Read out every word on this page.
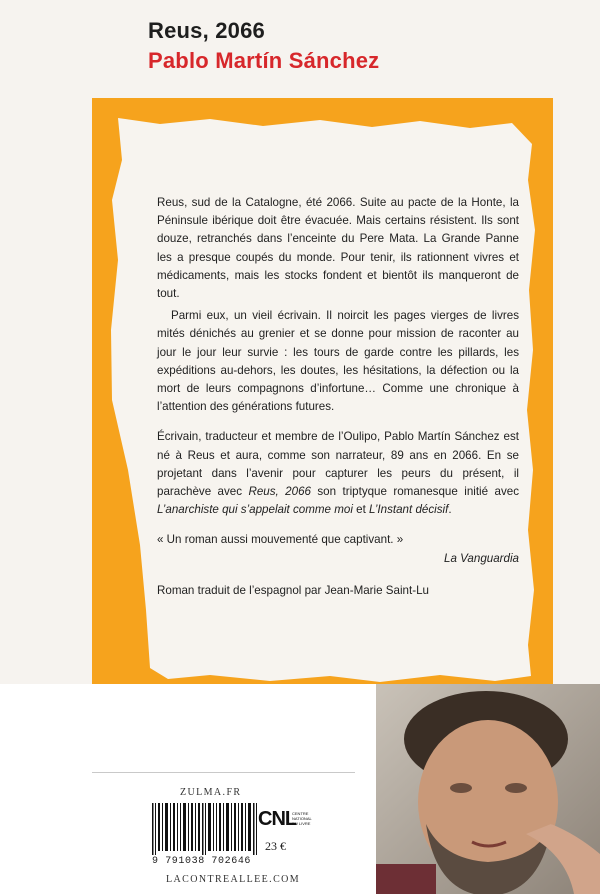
Reus, 2066
Pablo Martín Sánchez

Reus, sud de la Catalogne, été 2066. Suite au pacte de la Honte, la Péninsule ibérique doit être évacuée. Mais certains résistent. Ils sont douze, retranchés dans l’enceinte du Pere Mata. La Grande Panne les a presque coupés du monde. Pour tenir, ils rationnent vivres et médicaments, mais les stocks fondent et bientôt ils manqueront de tout.

Parmi eux, un vieil écrivain. Il noircit les pages vierges de livres mités dénichés au grenier et se donne pour mission de raconter au jour le jour leur survie : les tours de garde contre les pillards, les expéditions au-dehors, les doutes, les hésitations, la défection ou la mort de leurs compagnons d’infortune… Comme une chronique à l’attention des générations futures.

Écrivain, traducteur et membre de l’Oulipo, Pablo Martín Sánchez est né à Reus et aura, comme son narrateur, 89 ans en 2066. En se projetant dans l’avenir pour capturer les peurs du présent, il parachève avec Reus, 2066 son triptyque romanesque initié avec L’anarchiste qui s’appelait comme moi et L’Instant décisif.

« Un roman aussi mouvementé que captivant. »

La Vanguardia

Roman traduit de l’espagnol par Jean-Marie Saint-Lu

ZULMA.FR
9 791038 702646
CNL
CENTRE NATIONAL DU LIVRE
23 €
LACONTREALLEE.COM
